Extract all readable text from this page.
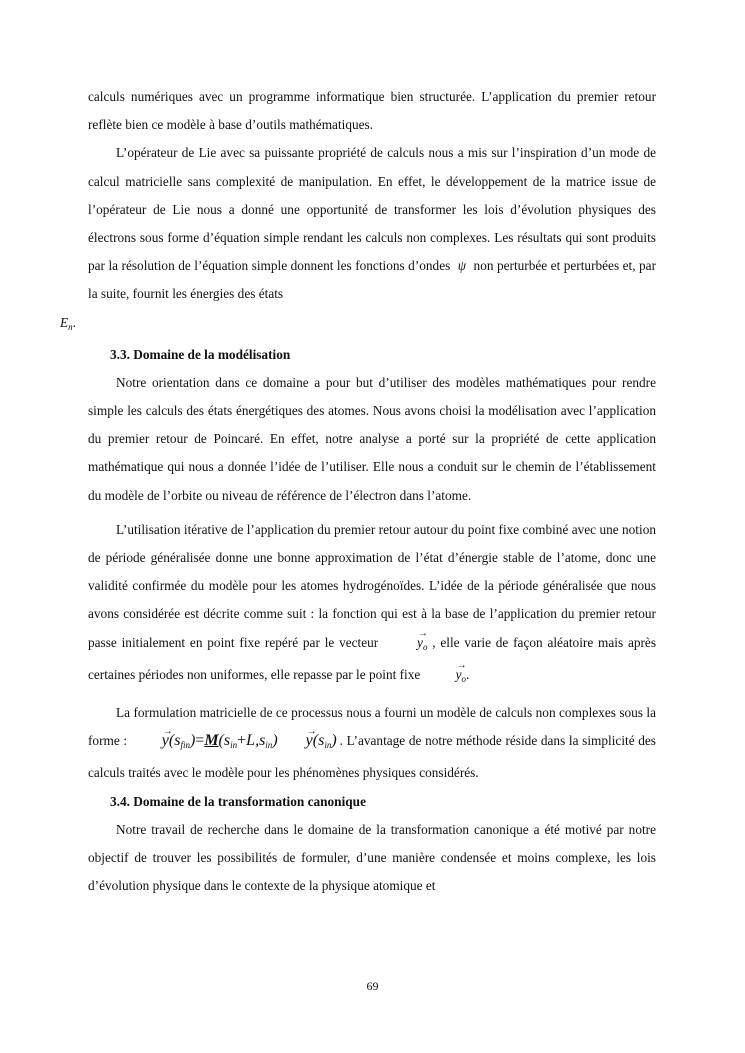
calculs numériques avec un programme informatique bien structurée. L’application du premier retour reflète bien ce modèle à base d’outils mathématiques.

L’opérateur de Lie avec sa puissante propriété de calculs nous a mis sur l’inspiration d’un mode de calcul matricielle sans complexité de manipulation. En effet, le développement de la matrice issue de l’opérateur de Lie nous a donné une opportunité de transformer les lois d’évolution physiques des électrons sous forme d’équation simple rendant les calculs non complexes. Les résultats qui sont produits par la résolution de l’équation simple donnent les fonctions d’ondes ψ non perturbée et perturbées et, par la suite, fournit les énergies des états
$E_n$.

3.3. Domaine de la modélisation

Notre orientation dans ce domaine a pour but d’utiliser des modèles mathématiques pour rendre simple les calculs des états énergétiques des atomes. Nous avons choisi la modélisation avec l’application du premier retour de Poincaré. En effet, notre analyse a porté sur la propriété de cette application mathématique qui nous a donnée l’idée de l’utiliser. Elle nous a conduit sur le chemin de l’établissement du modèle de l’orbite ou niveau de référence de l’électron dans l’atome.

L’utilisation itérative de l’application du premier retour autour du point fixe combiné avec une notion de période généralisée donne une bonne approximation de l’état d’énergie stable de l’atome, donc une validité confirmée du modèle pour les atomes hydrogénoïdes. L’idée de la période généralisée que nous avons considérée est décrite comme suit : la fonction qui est à la base de l’application du premier retour passe initialement en point fixe repéré par le vecteur
→
$y_o$ , elle varie de façon aléatoire mais après certaines périodes non uniformes, elle repasse par le point fixe
→
$y_o$.

La formulation matricielle de ce processus nous a fourni un modèle de calculs non complexes sous la forme :
→
$y(s_{fin})=M(s_{in}+L,s_{in})$
→
$y(s_{in})$ . L’avantage de notre méthode réside dans la simplicité des calculs traités avec le modèle pour les phénomènes physiques considérés.

3.4. Domaine de la transformation canonique

Notre travail de recherche dans le domaine de la transformation canonique a été motivé par notre objectif de trouver les possibilités de formuler, d’une manière condensée et moins complexe, les lois d’évolution physique dans le contexte de la physique atomique et

69
